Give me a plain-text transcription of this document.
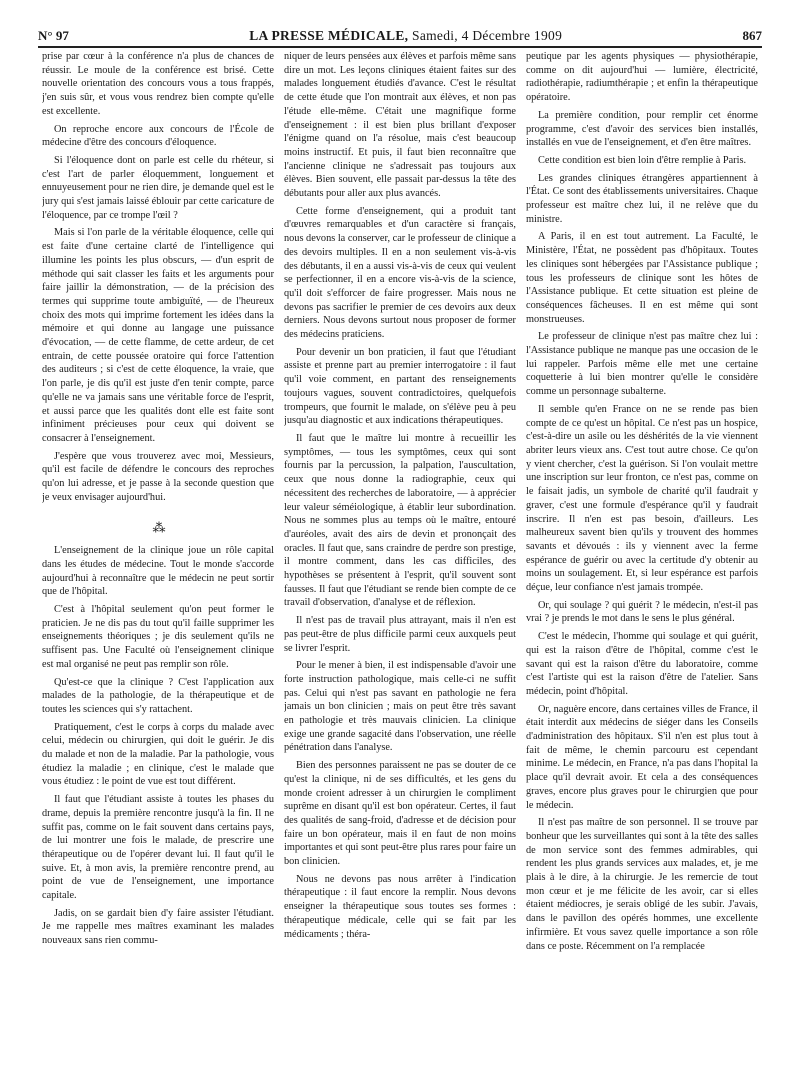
N° 97	LA PRESSE MÉDICALE, Samedi, 4 Décembre 1909	867

prise par cœur à la conférence n'a plus de chances de réussir. Le moule de la conférence est brisé. Cette nouvelle orientation des concours vous a tous frappés, j'en suis sûr, et vous vous rendrez bien compte qu'elle est excellente.

On reproche encore aux concours de l'École de médecine d'être des concours d'éloquence.

Si l'éloquence dont on parle est celle du rhéteur, si c'est l'art de parler éloquemment, longuement et ennuyeusement pour ne rien dire, je demande quel est le jury qui s'est jamais laissé éblouir par cette caricature de l'éloquence, par ce trompe l'œil ?

Mais si l'on parle de la véritable éloquence, celle qui est faite d'une certaine clarté de l'intelligence qui illumine les points les plus obscurs, — d'un esprit de méthode qui sait classer les faits et les arguments pour faire jaillir la démonstration, — de la précision des termes qui supprime toute ambiguïté, — de l'heureux choix des mots qui imprime fortement les idées dans la mémoire et qui donne au langage une puissance d'évocation, — de cette flamme, de cette ardeur, de cet entrain, de cette poussée oratoire qui force l'attention des auditeurs ; si c'est de cette éloquence, la vraie, que l'on parle, je dis qu'il est juste d'en tenir compte, parce qu'elle ne va jamais sans une véritable force de l'esprit, et aussi parce que les qualités dont elle est faite sont infiniment précieuses pour ceux qui doivent se consacrer à l'enseignement.

J'espère que vous trouverez avec moi, Messieurs, qu'il est facile de défendre le concours des reproches qu'on lui adresse, et je passe à la seconde question que je veux envisager aujourd'hui.

⁂

L'enseignement de la clinique joue un rôle capital dans les études de médecine. Tout le monde s'accorde aujourd'hui à reconnaître que le médecin ne peut sortir que de l'hôpital.

C'est à l'hôpital seulement qu'on peut former le praticien. Je ne dis pas du tout qu'il faille supprimer les enseignements théoriques ; je dis seulement qu'ils ne suffisent pas. Une Faculté où l'enseignement clinique est mal organisé ne peut pas remplir son rôle.

Qu'est-ce que la clinique ? C'est l'application aux malades de la pathologie, de la thérapeutique et de toutes les sciences qui s'y rattachent.

Pratiquement, c'est le corps à corps du malade avec celui, médecin ou chirurgien, qui doit le guérir. Je dis du malade et non de la maladie. Par la pathologie, vous étudiez la maladie ; en clinique, c'est le malade que vous étudiez : le point de vue est tout différent.

Il faut que l'étudiant assiste à toutes les phases du drame, depuis la première rencontre jusqu'à la fin. Il ne suffit pas, comme on le fait souvent dans certains pays, de lui montrer une fois le malade, de prescrire une thérapeutique ou de l'opérer devant lui. Il faut qu'il le suive. Et, à mon avis, la première rencontre prend, au point de vue de l'enseignement, une importance capitale.

Jadis, on se gardait bien d'y faire assister l'étudiant. Je me rappelle mes maîtres examinant les malades nouveaux sans rien commu-

niquer de leurs pensées aux élèves et parfois même sans dire un mot. Les leçons cliniques étaient faites sur des malades longuement étudiés d'avance. C'est le résultat de cette étude que l'on montrait aux élèves, et non pas l'étude elle-même. C'était une magnifique forme d'enseignement : il est bien plus brillant d'exposer l'énigme quand on l'a résolue, mais c'est beaucoup moins instructif. Et puis, il faut bien reconnaître que l'ancienne clinique ne s'adressait pas toujours aux élèves. Bien souvent, elle passait par-dessus la tête des débutants pour aller aux plus avancés.

Cette forme d'enseignement, qui a produit tant d'œuvres remarquables et d'un caractère si français, nous devons la conserver, car le professeur de clinique a des devoirs multiples. Il en a non seulement vis-à-vis des débutants, il en a aussi vis-à-vis de ceux qui veulent se perfectionner, il en a encore vis-à-vis de la science, qu'il doit s'efforcer de faire progresser. Mais nous ne devons pas sacrifier le premier de ces devoirs aux deux derniers. Nous devons surtout nous proposer de former des médecins praticiens.

Pour devenir un bon praticien, il faut que l'étudiant assiste et prenne part au premier interrogatoire : il faut qu'il voie comment, en partant des renseignements toujours vagues, souvent contradictoires, quelquefois trompeurs, que fournit le malade, on s'élève peu à peu jusqu'au diagnostic et aux indications thérapeutiques.

Il faut que le maître lui montre à recueillir les symptômes, — tous les symptômes, ceux qui sont fournis par la percussion, la palpation, l'auscultation, ceux que nous donne la radiographie, ceux qui nécessitent des recherches de laboratoire, — à apprécier leur valeur séméiologique, à établir leur subordination. Nous ne sommes plus au temps où le maître, entouré d'auréoles, avait des airs de devin et prononçait des oracles. Il faut que, sans craindre de perdre son prestige, il montre comment, dans les cas difficiles, des hypothèses se présentent à l'esprit, qu'il souvent sont fausses. Il faut que l'étudiant se rende bien compte de ce travail d'observation, d'analyse et de réflexion.

Il n'est pas de travail plus attrayant, mais il n'en est pas peut-être de plus difficile parmi ceux auxquels peut se livrer l'esprit.

Pour le mener à bien, il est indispensable d'avoir une forte instruction pathologique, mais celle-ci ne suffit pas. Celui qui n'est pas savant en pathologie ne fera jamais un bon clinicien ; mais on peut être très savant en pathologie et très mauvais clinicien. La clinique exige une grande sagacité dans l'observation, une réelle pénétration dans l'analyse.

Bien des personnes paraissent ne pas se douter de ce qu'est la clinique, ni de ses difficultés, et les gens du monde croient adresser à un chirurgien le compliment suprême en disant qu'il est bon opérateur. Certes, il faut des qualités de sang-froid, d'adresse et de décision pour faire un bon opérateur, mais il en faut de non moins importantes et qui sont peut-être plus rares pour faire un bon clinicien.

Nous ne devons pas nous arrêter à l'indication thérapeutique : il faut encore la remplir. Nous devons enseigner la thérapeutique sous toutes ses formes : thérapeutique médicale, celle qui se fait par les médicaments ; théra-

peutique par les agents physiques — physiothérapie, comme on dit aujourd'hui — lumière, électricité, radiothérapie, radiumthérapie ; et enfin la thérapeutique opératoire.

La première condition, pour remplir cet énorme programme, c'est d'avoir des services bien installés, installés en vue de l'enseignement, et d'en être maîtres.

Cette condition est bien loin d'être remplie à Paris.

Les grandes cliniques étrangères appartiennent à l'État. Ce sont des établissements universitaires. Chaque professeur est maître chez lui, il ne relève que du ministre.

A Paris, il en est tout autrement. La Faculté, le Ministère, l'État, ne possèdent pas d'hôpitaux. Toutes les cliniques sont hébergées par l'Assistance publique ; tous les professeurs de clinique sont les hôtes de l'Assistance publique. Et cette situation est pleine de conséquences fâcheuses. Il en est même qui sont monstrueuses.

Le professeur de clinique n'est pas maître chez lui : l'Assistance publique ne manque pas une occasion de le lui rappeler. Parfois même elle met une certaine coquetterie à lui bien montrer qu'elle le considère comme un personnage subalterne.

Il semble qu'en France on ne se rende pas bien compte de ce qu'est un hôpital. Ce n'est pas un hospice, c'est-à-dire un asile ou les déshérités de la vie viennent abriter leurs vieux ans. C'est tout autre chose. Ce qu'on y vient chercher, c'est la guérison. Si l'on voulait mettre une inscription sur leur fronton, ce n'est pas, comme on le faisait jadis, un symbole de charité qu'il faudrait y graver, c'est une formule d'espérance qu'il y faudrait inscrire. Il n'en est pas besoin, d'ailleurs. Les malheureux savent bien qu'ils y trouvent des hommes savants et dévoués : ils y viennent avec la ferme espérance de guérir ou avec la certitude d'y obtenir au moins un soulagement. Et, si leur espérance est parfois déçue, leur confiance n'est jamais trompée.

Or, qui soulage ? qui guérit ? le médecin, n'est-il pas vrai ? je prends le mot dans le sens le plus général.

C'est le médecin, l'homme qui soulage et qui guérit, qui est la raison d'être de l'hôpital, comme c'est le savant qui est la raison d'être du laboratoire, comme c'est l'artiste qui est la raison d'être de l'atelier. Sans médecin, point d'hôpital.

Or, naguère encore, dans certaines villes de France, il était interdit aux médecins de siéger dans les Conseils d'administration des hôpitaux. S'il n'en est plus tout à fait de même, le chemin parcouru est cependant minime. Le médecin, en France, n'a pas dans l'hopital la place qu'il devrait avoir. Et cela a des conséquences graves, encore plus graves pour le chirurgien que pour le médecin.

Il n'est pas maître de son personnel. Il se trouve par bonheur que les surveillantes qui sont à la tête des salles de mon service sont des femmes admirables, qui rendent les plus grands services aux malades, et, je me plais à le dire, à la chirurgie. Je les remercie de tout mon cœur et je me félicite de les avoir, car si elles étaient médiocres, je serais obligé de les subir. J'avais, dans le pavillon des opérés hommes, une excellente infirmière. Et vous savez quelle importance a son rôle dans ce poste. Récemment on l'a remplacée
